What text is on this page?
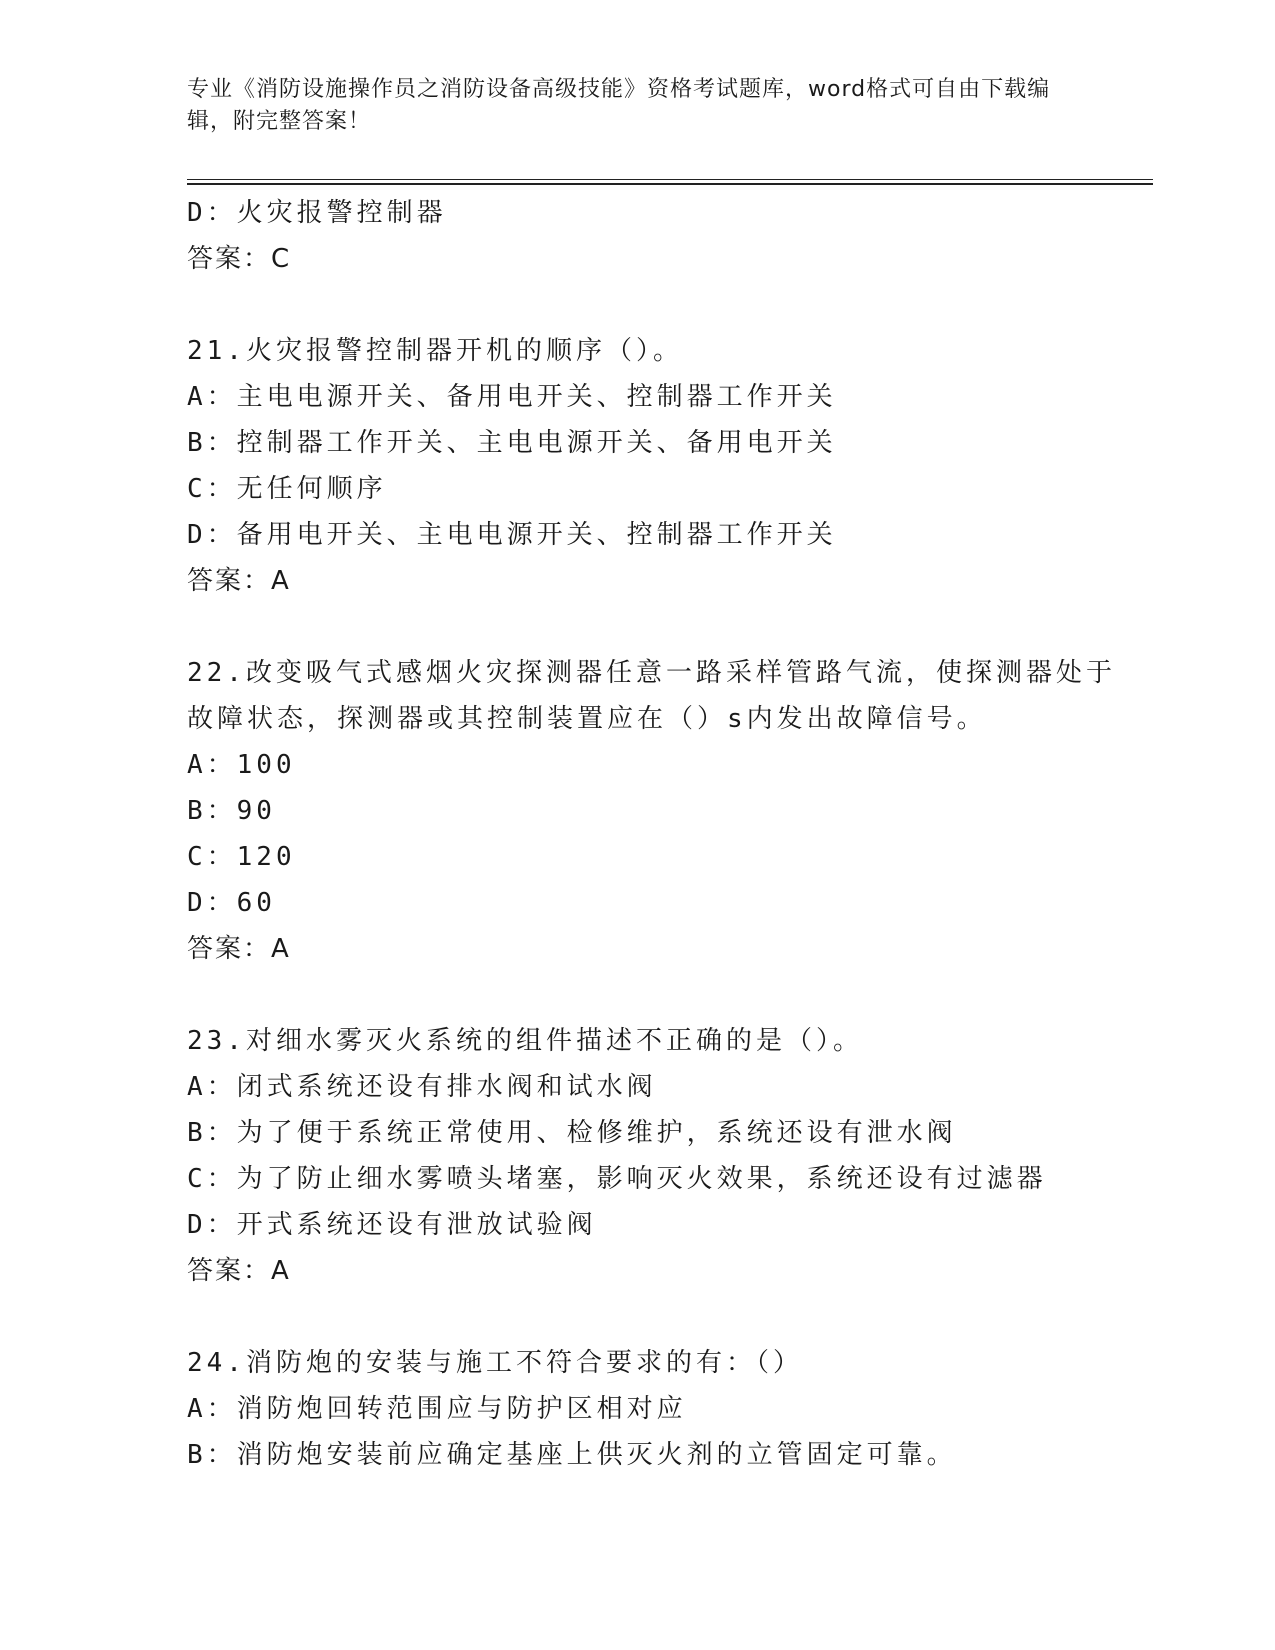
专业《消防设施操作员之消防设备高级技能》资格考试题库，word格式可自由下载编辑，附完整答案！
D：火灾报警控制器
答案：C
21.火灾报警控制器开机的顺序（）。
A：主电电源开关、备用电开关、控制器工作开关
B：控制器工作开关、主电电源开关、备用电开关
C：无任何顺序
D：备用电开关、主电电源开关、控制器工作开关
答案：A
22.改变吸气式感烟火灾探测器任意一路采样管路气流，使探测器处于
故障状态，探测器或其控制装置应在（）s内发出故障信号。
A：100
B：90
C：120
D：60
答案：A
23.对细水雾灭火系统的组件描述不正确的是（）。
A：闭式系统还设有排水阀和试水阀
B：为了便于系统正常使用、检修维护，系统还设有泄水阀
C：为了防止细水雾喷头堵塞，影响灭火效果，系统还设有过滤器
D：开式系统还设有泄放试验阀
答案：A
24.消防炮的安装与施工不符合要求的有：（）
A：消防炮回转范围应与防护区相对应
B：消防炮安装前应确定基座上供灭火剂的立管固定可靠。
